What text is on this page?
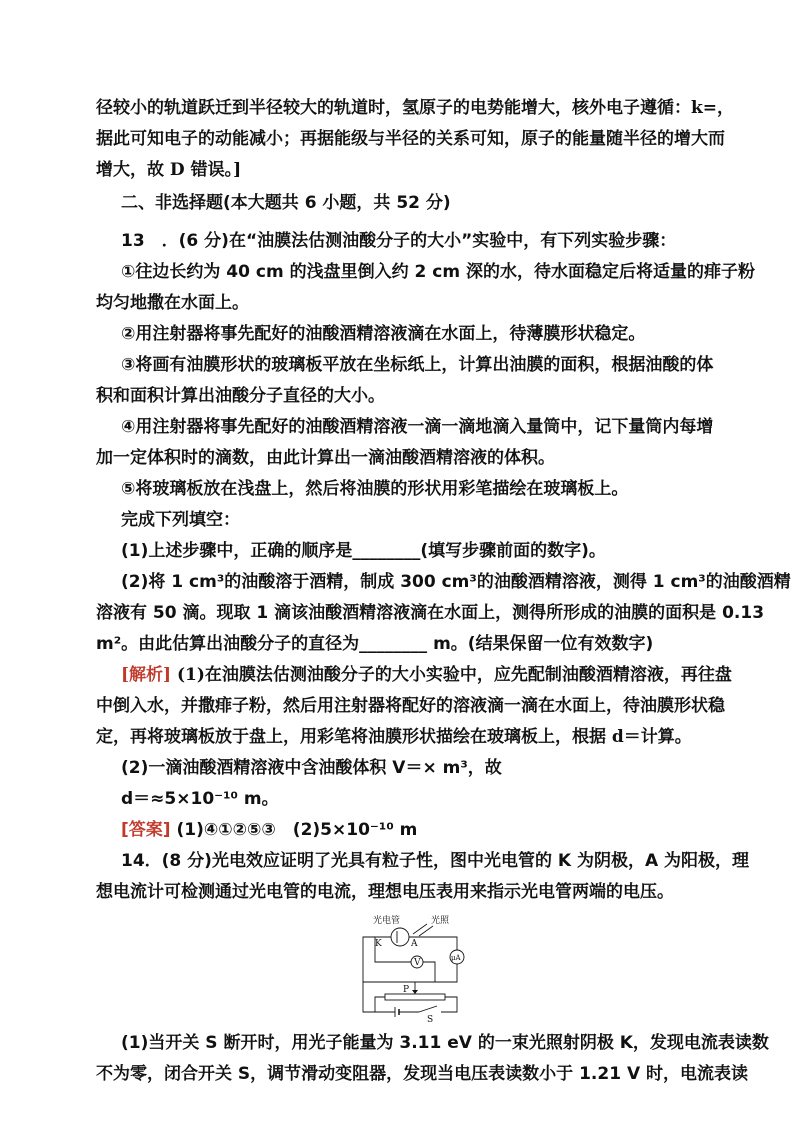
径较小的轨道跃迁到半径较大的轨道时，氢原子的电势能增大，核外电子遵循：k=，
据此可知电子的动能减小；再据能级与半径的关系可知，原子的能量随半径的增大而
增大，故 D 错误。]
二、非选择题(本大题共 6 小题，共 52 分)
13　．(6 分)在“油膜法估测油酸分子的大小”实验中，有下列实验步骤：
①往边长约为 40 cm 的浅盘里倒入约 2 cm 深的水，待水面稳定后将适量的痱子粉
均匀地撒在水面上。
②用注射器将事先配好的油酸酒精溶液滴在水面上，待薄膜形状稳定。
③将画有油膜形状的玻璃板平放在坐标纸上，计算出油膜的面积，根据油酸的体
积和面积计算出油酸分子直径的大小。
④用注射器将事先配好的油酸酒精溶液一滴一滴地滴入量筒中，记下量筒内每增
加一定体积时的滴数，由此计算出一滴油酸酒精溶液的体积。
⑤将玻璃板放在浅盘上，然后将油膜的形状用彩笔描绘在玻璃板上。
完成下列填空：
(1)上述步骤中，正确的顺序是________(填写步骤前面的数字)。
(2)将 1 cm³的油酸溶于酒精，制成 300 cm³的油酸酒精溶液，测得 1 cm³的油酸酒精
溶液有 50 滴。现取 1 滴该油酸酒精溶液滴在水面上，测得所形成的油膜的面积是 0.13
m²。由此估算出油酸分子的直径为________ m。(结果保留一位有效数字)
[解析] (1)在油膜法估测油酸分子的大小实验中，应先配制油酸酒精溶液，再往盘
中倒入水，并撒痱子粉，然后用注射器将配好的溶液滴一滴在水面上，待油膜形状稳
定，再将玻璃板放于盘上，用彩笔将油膜形状描绘在玻璃板上，根据 d＝计算。
(2)一滴油酸酒精溶液中含油酸体积 V＝× m³，故
d＝≈5×10⁻¹⁰ m。
[答案] (1)④①②⑤③　(2)5×10⁻¹⁰ m
14．(8 分)光电效应证明了光具有粒子性，图中光电管的 K 为阴极，A 为阳极，理
想电流计可检测通过光电管的电流，理想电压表用来指示光电管两端的电压。
光电管	光照
K	A
μA
V
P
S
(1)当开关 S 断开时，用光子能量为 3.11 eV 的一束光照射阴极 K，发现电流表读数
不为零，闭合开关 S，调节滑动变阻器，发现当电压表读数小于 1.21 V 时，电流表读
